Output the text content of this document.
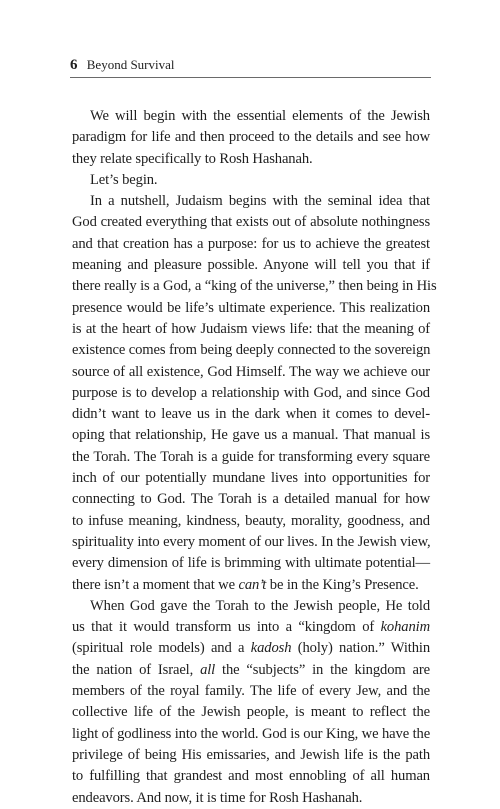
6 Beyond Survival
We will begin with the essential elements of the Jewish
paradigm for life and then proceed to the details and see how
they relate specifically to Rosh Hashanah.
Let’s begin.
In a nutshell, Judaism begins with the seminal idea that
God created everything that exists out of absolute nothingness
and that creation has a purpose: for us to achieve the greatest
meaning and pleasure possible. Anyone will tell you that if
there really is a God, a “king of the universe,” then being in His
presence would be life’s ultimate experience. This realization
is at the heart of how Judaism views life: that the meaning of
existence comes from being deeply connected to the sovereign
source of all existence, God Himself. The way we achieve our
purpose is to develop a relationship with God, and since God
didn’t want to leave us in the dark when it comes to devel-
oping that relationship, He gave us a manual. That manual is
the Torah. The Torah is a guide for transforming every square
inch of our potentially mundane lives into opportunities for
connecting to God. The Torah is a detailed manual for how
to infuse meaning, kindness, beauty, morality, goodness, and
spirituality into every moment of our lives. In the Jewish view,
every dimension of life is brimming with ultimate potential—
there isn’t a moment that we can’t be in the King’s Presence.
When God gave the Torah to the Jewish people, He told
us that it would transform us into a “kingdom of kohanim
(spiritual role models) and a kadosh (holy) nation.” Within
the nation of Israel, all the “subjects” in the kingdom are
members of the royal family. The life of every Jew, and the
collective life of the Jewish people, is meant to reflect the
light of godliness into the world. God is our King, we have the
privilege of being His emissaries, and Jewish life is the path
to fulfilling that grandest and most ennobling of all human
endeavors. And now, it is time for Rosh Hashanah.
